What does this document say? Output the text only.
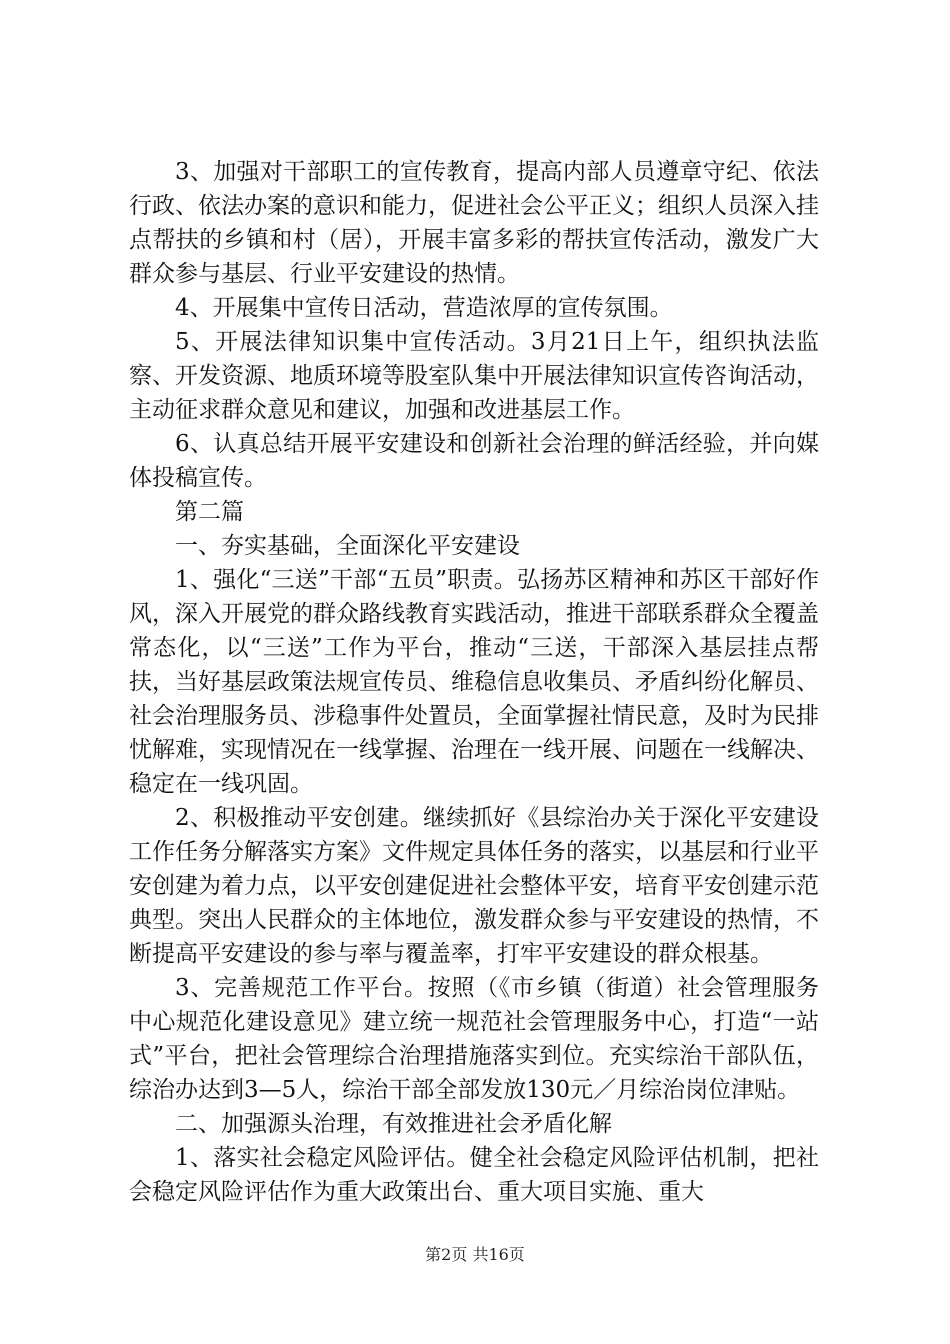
3、加强对干部职工的宣传教育，提高内部人员遵章守纪、依法行政、依法办案的意识和能力，促进社会公平正义；组织人员深入挂点帮扶的乡镇和村（居），开展丰富多彩的帮扶宣传活动，激发广大群众参与基层、行业平安建设的热情。

4、开展集中宣传日活动，营造浓厚的宣传氛围。

5、开展法律知识集中宣传活动。3月21日上午，组织执法监察、开发资源、地质环境等股室队集中开展法律知识宣传咨询活动，主动征求群众意见和建议，加强和改进基层工作。

6、认真总结开展平安建设和创新社会治理的鲜活经验，并向媒体投稿宣传。

第二篇

一、夯实基础，全面深化平安建设

1、强化“三送”干部“五员”职责。弘扬苏区精神和苏区干部好作风，深入开展党的群众路线教育实践活动，推进干部联系群众全覆盖常态化，以“三送”工作为平台，推动“三送，干部深入基层挂点帮扶，当好基层政策法规宣传员、维稳信息收集员、矛盾纠纷化解员、社会治理服务员、涉稳事件处置员，全面掌握社情民意，及时为民排忧解难，实现情况在一线掌握、治理在一线开展、问题在一线解决、稳定在一线巩固。

2、积极推动平安创建。继续抓好《县综治办关于深化平安建设工作任务分解落实方案》文件规定具体任务的落实，以基层和行业平安创建为着力点，以平安创建促进社会整体平安，培育平安创建示范典型。突出人民群众的主体地位，激发群众参与平安建设的热情，不断提高平安建设的参与率与覆盖率，打牢平安建设的群众根基。

3、完善规范工作平台。按照（《市乡镇（街道）社会管理服务中心规范化建设意见》建立统一规范社会管理服务中心，打造“一站式”平台，把社会管理综合治理措施落实到位。充实综治干部队伍，综治办达到3—5人，综治干部全部发放130元／月综治岗位津贴。

二、加强源头治理，有效推进社会矛盾化解

1、落实社会稳定风险评估。健全社会稳定风险评估机制，把社会稳定风险评估作为重大政策出台、重大项目实施、重大

第2页 共16页
